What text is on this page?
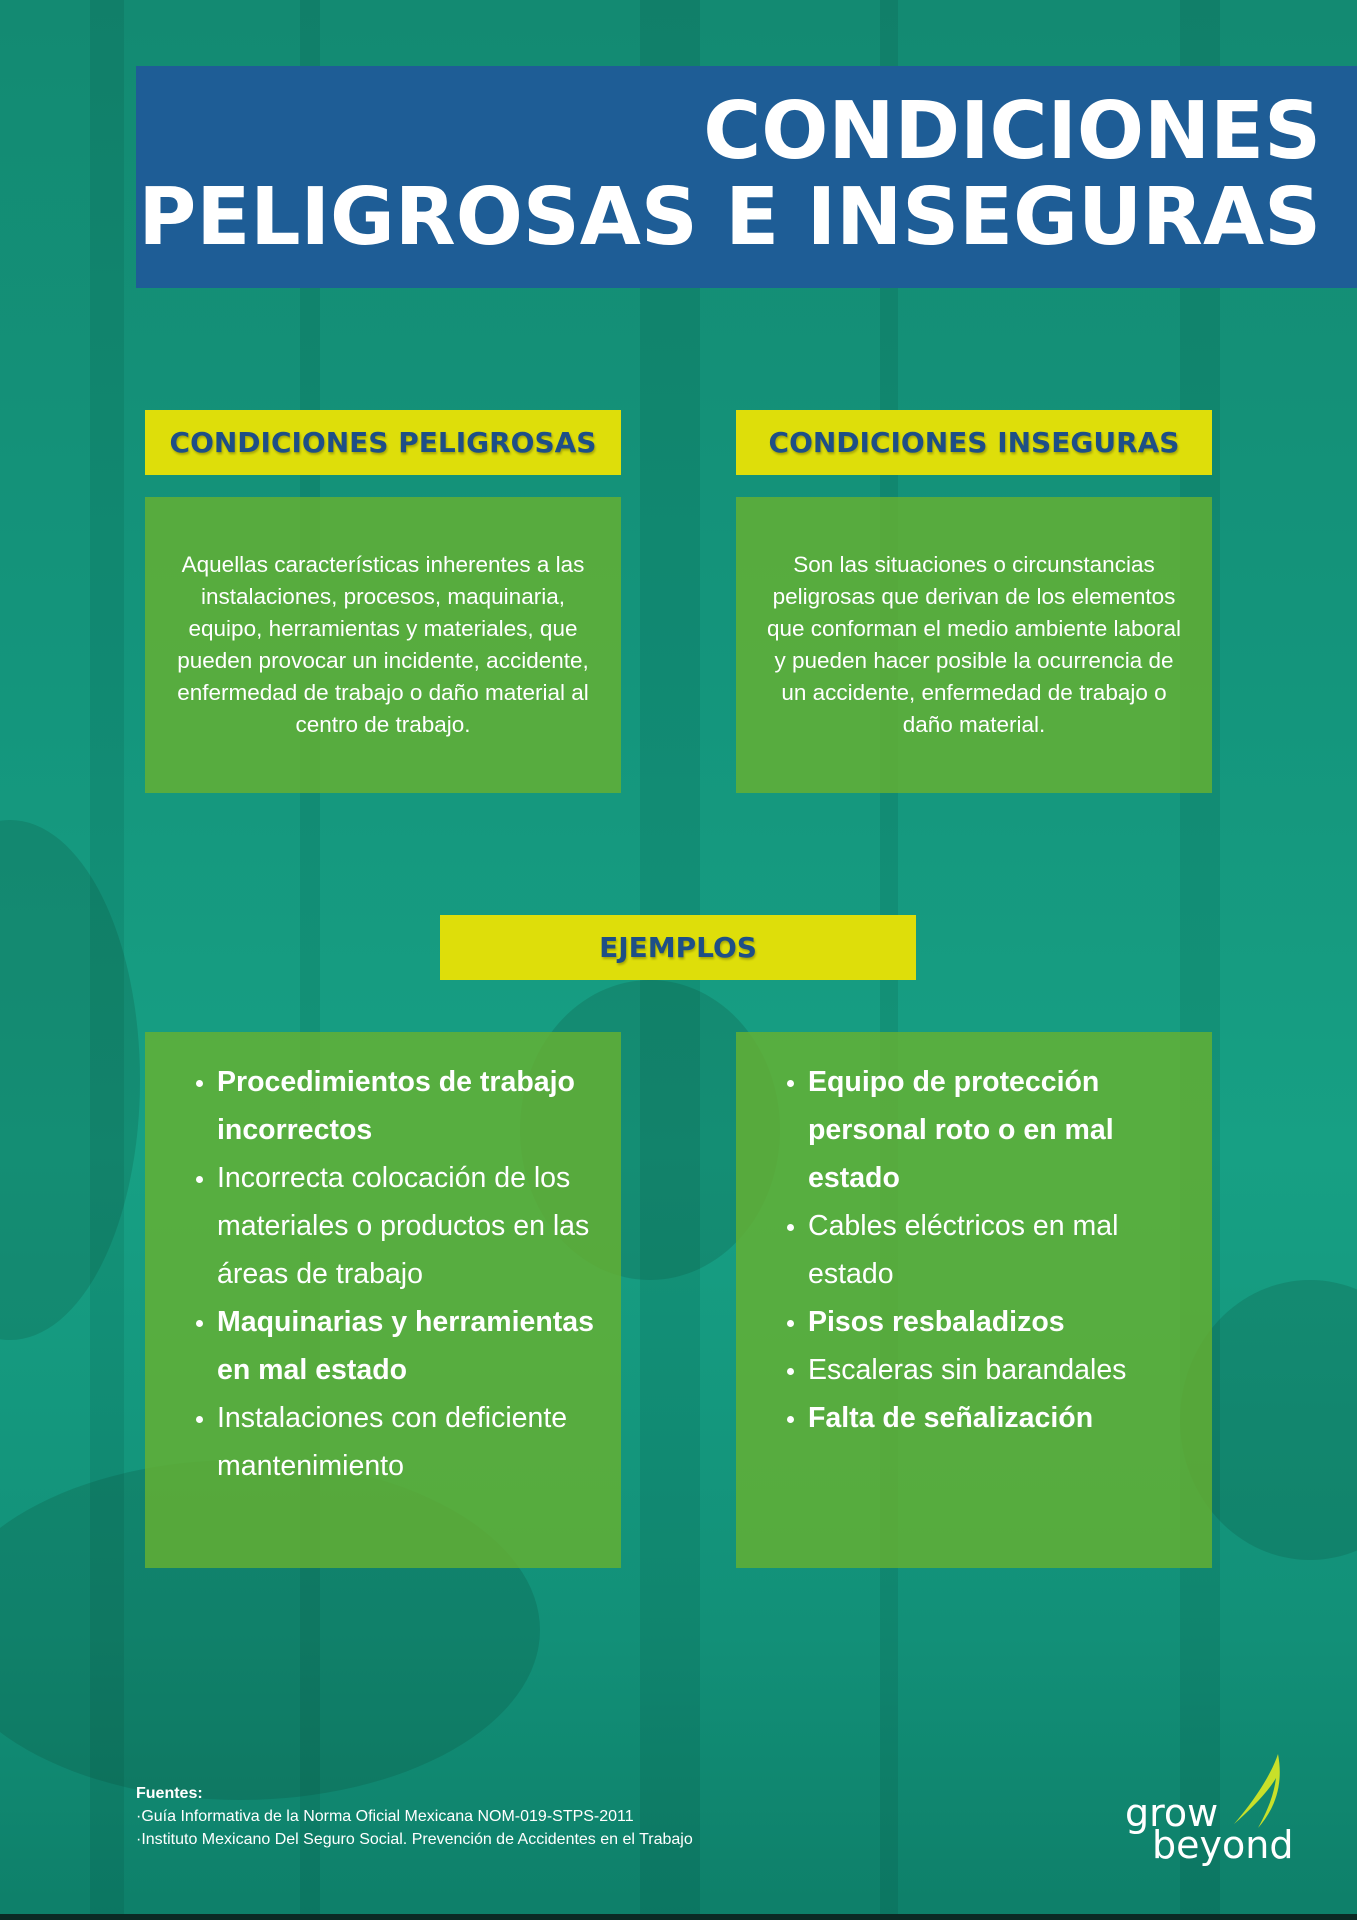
CONDICIONES
PELIGROSAS E INSEGURAS
CONDICIONES PELIGROSAS	CONDICIONES INSEGURAS

Aquellas características inherentes a las instalaciones, procesos, maquinaria, equipo, herramientas y materiales, que pueden provocar un incidente, accidente, enfermedad de trabajo o daño material al centro de trabajo.

Son las situaciones o circunstancias peligrosas que derivan de los elementos que conforman el medio ambiente laboral y pueden hacer posible la ocurrencia de un accidente, enfermedad de trabajo o daño material.

EJEMPLOS
• Procedimientos de trabajo incorrectos
• Incorrecta colocación de los materiales o productos en las áreas de trabajo
• Maquinarias y herramientas en mal estado
• Instalaciones con deficiente mantenimiento
• Equipo de protección personal roto o en mal estado
• Cables eléctricos en mal estado
• Pisos resbaladizos
• Escaleras sin barandales
• Falta de señalización
Fuentes:
·Guía Informativa de la Norma Oficial Mexicana NOM-019-STPS-2011
·Instituto Mexicano Del Seguro Social. Prevención de Accidentes en el Trabajo
grow
beyond
